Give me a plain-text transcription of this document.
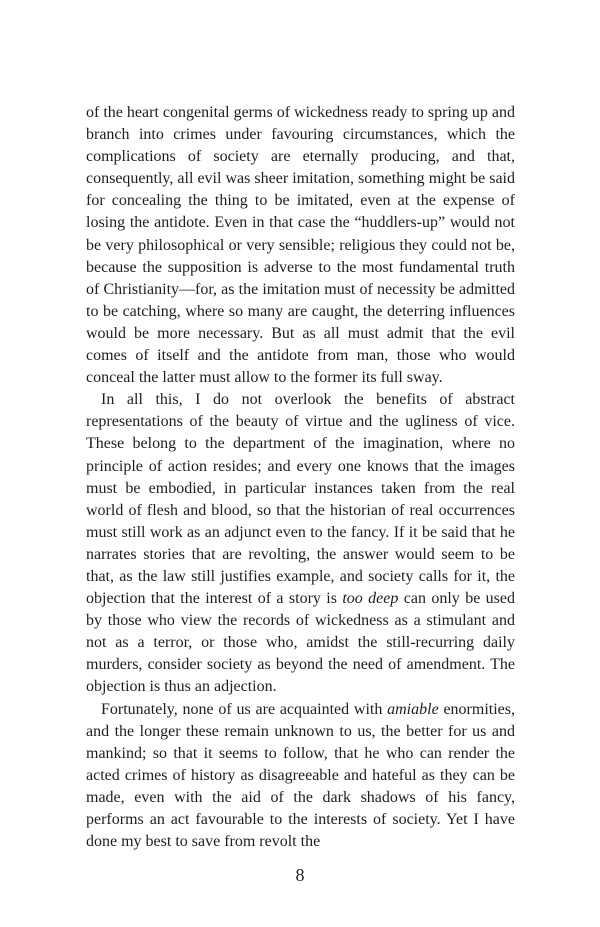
of the heart congenital germs of wickedness ready to spring up and branch into crimes under favouring circumstances, which the complications of society are eternally producing, and that, consequently, all evil was sheer imitation, something might be said for concealing the thing to be imitated, even at the expense of losing the antidote. Even in that case the “huddlers-up” would not be very philosophical or very sensible; religious they could not be, because the supposition is adverse to the most fundamental truth of Christianity—for, as the imitation must of necessity be admitted to be catching, where so many are caught, the deterring influences would be more necessary. But as all must admit that the evil comes of itself and the antidote from man, those who would conceal the latter must allow to the former its full sway.

In all this, I do not overlook the benefits of abstract representations of the beauty of virtue and the ugliness of vice. These belong to the department of the imagination, where no principle of action resides; and every one knows that the images must be embodied, in particular instances taken from the real world of flesh and blood, so that the historian of real occurrences must still work as an adjunct even to the fancy. If it be said that he narrates stories that are revolting, the answer would seem to be that, as the law still justifies example, and society calls for it, the objection that the interest of a story is too deep can only be used by those who view the records of wickedness as a stimulant and not as a terror, or those who, amidst the still-recurring daily murders, consider society as beyond the need of amendment. The objection is thus an adjection.

Fortunately, none of us are acquainted with amiable enormities, and the longer these remain unknown to us, the better for us and mankind; so that it seems to follow, that he who can render the acted crimes of history as disagreeable and hateful as they can be made, even with the aid of the dark shadows of his fancy, performs an act favourable to the interests of society. Yet I have done my best to save from revolt the

8
